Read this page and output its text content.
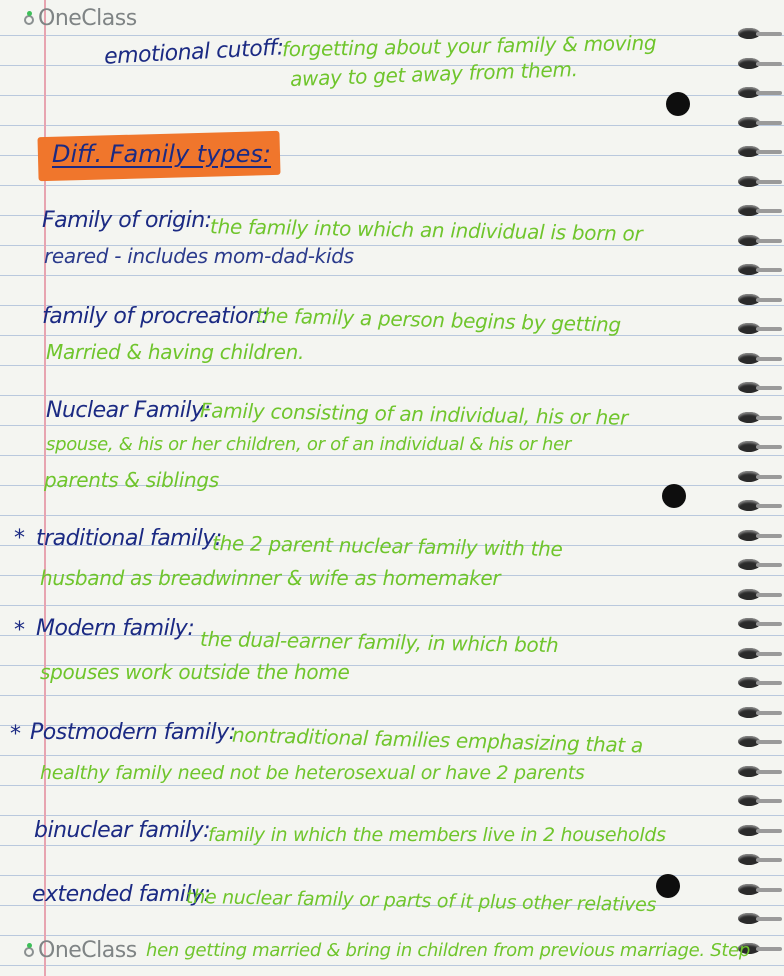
OneClass
emotional cutoff:
forgetting about your family & moving
away to get away from them.
Diff. Family types:
Family of origin:
the family into which an individual is born or
reared - includes mom-dad-kids
family of procreation:
the family a person begins by getting
Married & having children.
Nuclear Family:
Family consisting of an individual, his or her
spouse, & his or her children, or of an individual & his or her
parents & siblings
* traditional family:
the 2 parent nuclear family with the
husband as breadwinner & wife as homemaker
* Modern family: the dual-earner family, in which both
spouses work outside the home
* Postmodern family:
nontraditional families emphasizing that a
healthy family need not be heterosexual or have 2 parents
binuclear family:
family in which the members live in 2 households
extended family:
the nuclear family or parts of it plus other relatives
hen getting married & bring in children from previous marriage. Step
OneClass
